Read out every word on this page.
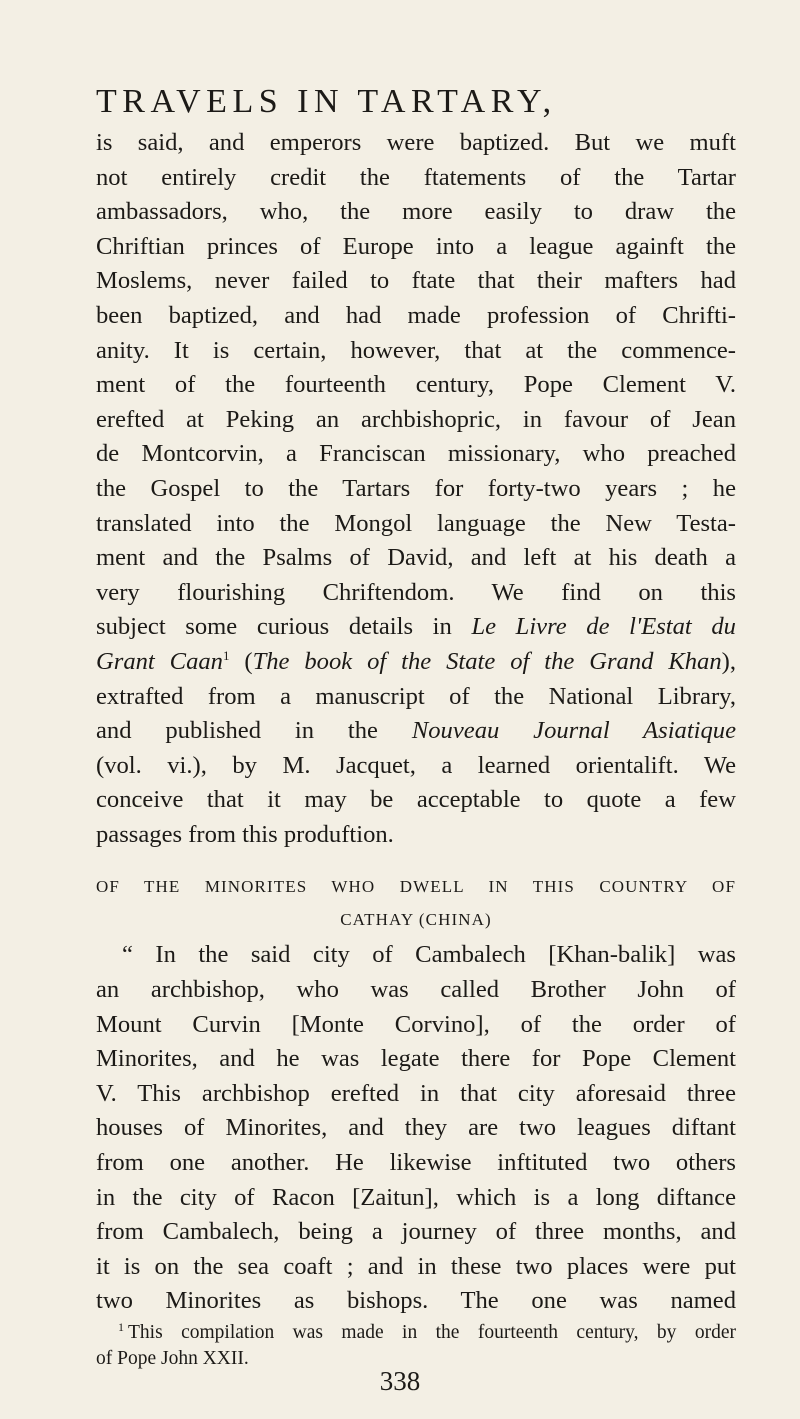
TRAVELS IN TARTARY,
is said, and emperors were baptized. But we muft
not entirely credit the ftatements of the Tartar
ambassadors, who, the more easily to draw the
Chriftian princes of Europe into a league againft the
Moslems, never failed to ftate that their mafters had
been baptized, and had made profession of Chrifti-
anity. It is certain, however, that at the commence-
ment of the fourteenth century, Pope Clement V.
erefted at Peking an archbishopric, in favour of Jean
de Montcorvin, a Franciscan missionary, who preached
the Gospel to the Tartars for forty-two years ; he
translated into the Mongol language the New Testa-
ment and the Psalms of David, and left at his death a
very flourishing Chriftendom. We find on this
subject some curious details in Le Livre de l'Estat du
Grant Caan$^1$ (The book of the State of the Grand Khan),
extrafted from a manuscript of the National Library,
and published in the Nouveau Journal Asiatique
(vol. vi.), by M. Jacquet, a learned orientalift. We
conceive that it may be acceptable to quote a few
passages from this produftion.
OF THE MINORITES WHO DWELL IN THIS COUNTRY OF
CATHAY (CHINA)
“ In the said city of Cambalech [Khan-balik] was
an archbishop, who was called Brother John of
Mount Curvin [Monte Corvino], of the order of
Minorites, and he was legate there for Pope Clement
V. This archbishop erefted in that city aforesaid three
houses of Minorites, and they are two leagues diftant
from one another. He likewise inftituted two others
in the city of Racon [Zaitun], which is a long diftance
from Cambalech, being a journey of three months, and
it is on the sea coaft ; and in these two places were put
two Minorites as bishops. The one was named
$^1$ This compilation was made in the fourteenth century, by order
of Pope John XXII.
338
